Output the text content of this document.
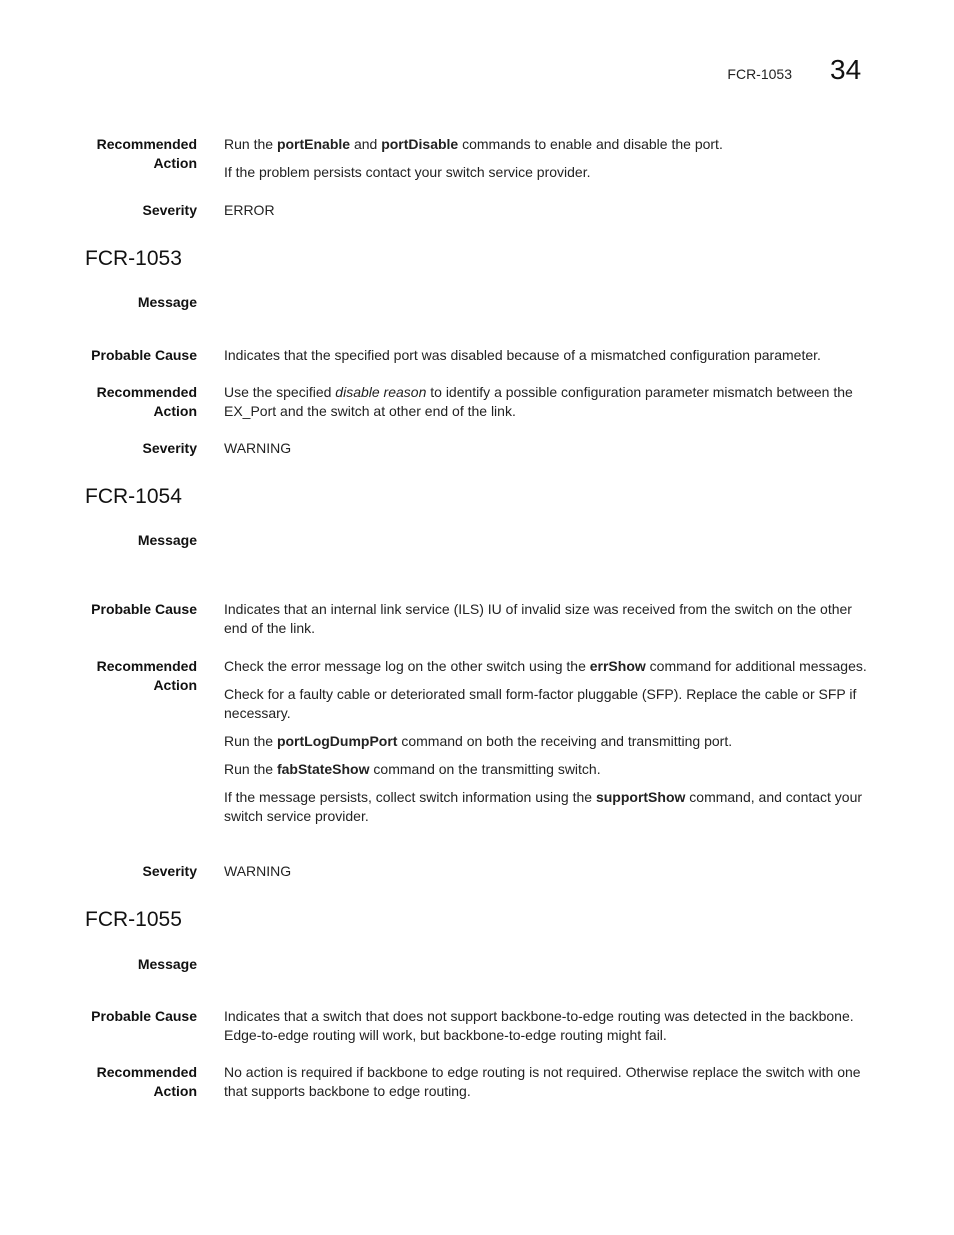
FCR-1053 34
Recommended
Action

Run the portEnable and portDisable commands to enable and disable the port.

If the problem persists contact your switch service provider.

Severity ERROR
FCR-1053
Message
Probable Cause Indicates that the specified port was disabled because of a mismatched configuration parameter.
Recommended
Action

Use the specified disable reason to identify a possible configuration parameter mismatch between the EX_Port and the switch at other end of the link.

Severity WARNING
FCR-1054
Message
Probable Cause Indicates that an internal link service (ILS) IU of invalid size was received from the switch on the other end of the link.
Recommended
Action

Check the error message log on the other switch using the errShow command for additional messages.

Check for a faulty cable or deteriorated small form-factor pluggable (SFP). Replace the cable or SFP if necessary.

Run the portLogDumpPort command on both the receiving and transmitting port.

Run the fabStateShow command on the transmitting switch.

If the message persists, collect switch information using the supportShow command, and contact your switch service provider.

Severity WARNING
FCR-1055
Message
Probable Cause Indicates that a switch that does not support backbone-to-edge routing was detected in the backbone. Edge-to-edge routing will work, but backbone-to-edge routing might fail.
Recommended
Action
No action is required if backbone to edge routing is not required. Otherwise replace the switch with one that supports backbone to edge routing.
